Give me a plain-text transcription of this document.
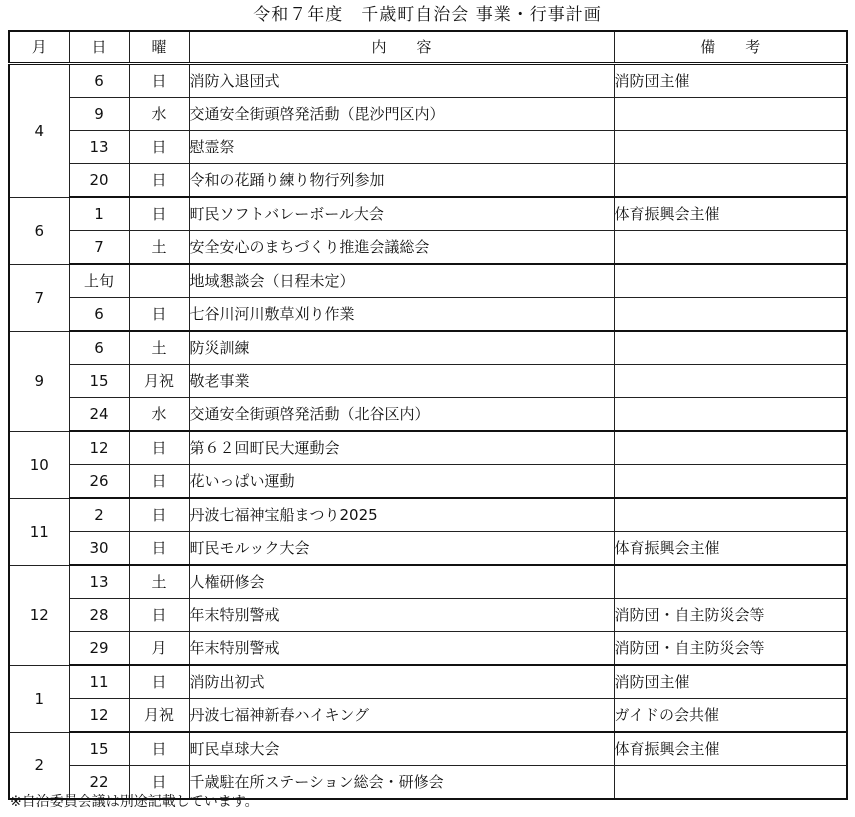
令和７年度　千歳町自治会 事業・行事計画
月	日	曜	内　　容	備　　考
4	6	日	消防入退団式	消防団主催
	9	水	交通安全街頭啓発活動（毘沙門区内）	
	13	日	慰霊祭	
	20	日	令和の花踊り練り物行列参加	
6	1	日	町民ソフトバレーボール大会	体育振興会主催
	7	土	安全安心のまちづくり推進会議総会	
7	上旬		地域懇談会（日程未定）	
	6	日	七谷川河川敷草刈り作業	
9	6	土	防災訓練	
	15	月祝	敬老事業	
	24	水	交通安全街頭啓発活動（北谷区内）	
10	12	日	第６２回町民大運動会	
	26	日	花いっぱい運動	
11	2	日	丹波七福神宝船まつり2025	
	30	日	町民モルック大会	体育振興会主催
12	13	土	人権研修会	
	28	日	年末特別警戒	消防団・自主防災会等
	29	月	年末特別警戒	消防団・自主防災会等
1	11	日	消防出初式	消防団主催
	12	月祝	丹波七福神新春ハイキング	ガイドの会共催
2	15	日	町民卓球大会	体育振興会主催
	22	日	千歳駐在所ステーション総会・研修会	
※自治委員会議は別途記載しています。
